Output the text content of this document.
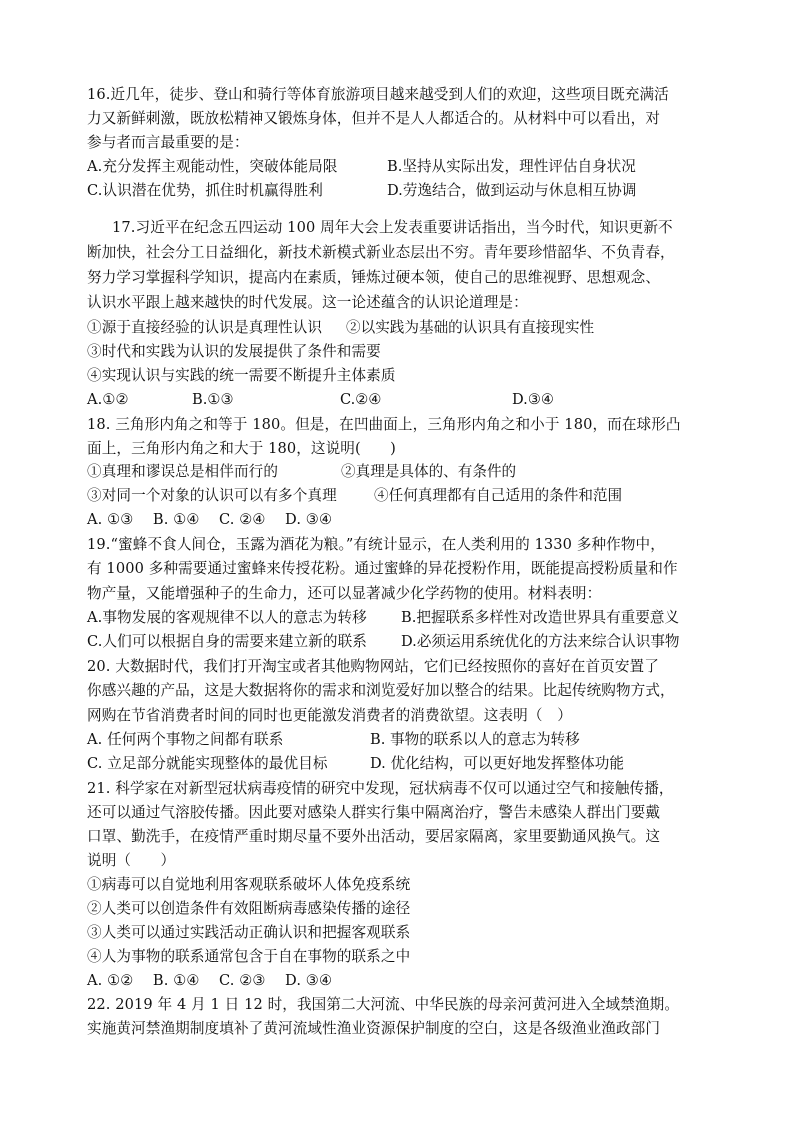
16.近几年，徒步、登山和骑行等体育旅游项目越来越受到人们的欢迎，这些项目既充满活
力又新鲜刺激，既放松精神又锻炼身体，但并不是人人都适合的。从材料中可以看出，对
参与者而言最重要的是：
A.充分发挥主观能动性，突破体能局限	B.坚持从实际出发，理性评估自身状况
C.认识潜在优势，抓住时机赢得胜利	D.劳逸结合，做到运动与休息相互协调
17.习近平在纪念五四运动 100 周年大会上发表重要讲话指出，当今时代，知识更新不
断加快，社会分工日益细化，新技术新模式新业态层出不穷。青年要珍惜韶华、不负青春，
努力学习掌握科学知识，提高内在素质，锤炼过硬本领，使自己的思维视野、思想观念、
认识水平跟上越来越快的时代发展。这一论述蕴含的认识论道理是：
①源于直接经验的认识是真理性认识 ②以实践为基础的认识具有直接现实性
③时代和实践为认识的发展提供了条件和需要
④实现认识与实践的统一需要不断提升主体素质
A.①②	B.①③	C.②④	D.③④
18. 三角形内角之和等于 180。但是，在凹曲面上，三角形内角之和小于 180，而在球形凸
面上，三角形内角之和大于 180，这说明(　　)
①真理和谬误总是相伴而行的	②真理是具体的、有条件的
③对同一个对象的认识可以有多个真理	④任何真理都有自己适用的条件和范围
A. ①③　 B. ①④　 C. ②④　 D. ③④
19.“蜜蜂不食人间仓，玉露为酒花为粮。”有统计显示，在人类利用的 1330 多种作物中，
有 1000 多种需要通过蜜蜂来传授花粉。通过蜜蜂的异花授粉作用，既能提高授粉质量和作
物产量，又能增强种子的生命力，还可以显著减少化学药物的使用。材料表明：
A.事物发展的客观规律不以人的意志为转移 B.把握联系多样性对改造世界具有重要意义
C.人们可以根据自身的需要来建立新的联系 D.必须运用系统优化的方法来综合认识事物
20. 大数据时代，我们打开淘宝或者其他购物网站，它们已经按照你的喜好在首页安置了
你感兴趣的产品，这是大数据将你的需求和浏览爱好加以整合的结果。比起传统购物方式，
网购在节省消费者时间的同时也更能激发消费者的消费欲望。这表明（　）
A. 任何两个事物之间都有联系	B. 事物的联系以人的意志为转移
C. 立足部分就能实现整体的最优目标	D. 优化结构，可以更好地发挥整体功能
21. 科学家在对新型冠状病毒疫情的研究中发现，冠状病毒不仅可以通过空气和接触传播，
还可以通过气溶胶传播。因此要对感染人群实行集中隔离治疗，警告未感染人群出门要戴
口罩、勤洗手，在疫情严重时期尽量不要外出活动，要居家隔离，家里要勤通风换气。这
说明（　　）
①病毒可以自觉地利用客观联系破坏人体免疫系统
②人类可以创造条件有效阻断病毒感染传播的途径
③人类可以通过实践活动正确认识和把握客观联系
④人为事物的联系通常包含于自在事物的联系之中
A. ①②　 B. ①④　 C. ②③　 D. ③④
22. 2019 年 4 月 1 日 12 时，我国第二大河流、中华民族的母亲河黄河进入全域禁渔期。
实施黄河禁渔期制度填补了黄河流域性渔业资源保护制度的空白，这是各级渔业渔政部门
